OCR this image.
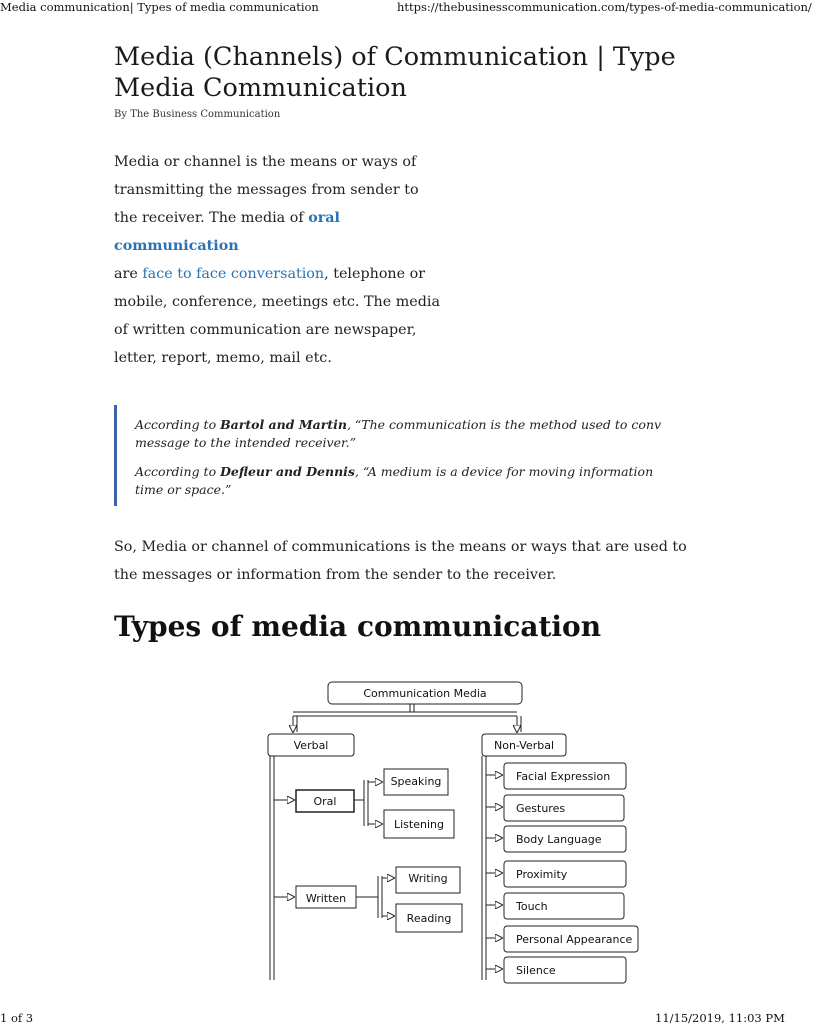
Media communication| Types of media communication	https://thebusinesscommunication.com/types-of-media-communication/
Media (Channels) of Communication | Type
Media Communication
By The Business Communication

Media or channel is the means or ways of transmitting the messages from sender to the receiver. The media of oral communication
are face to face conversation, telephone or mobile, conference, meetings etc. The media of written communication are newspaper, letter, report, memo, mail etc.

According to Bartol and Martin, “The communication is the method used to conv
message to the intended receiver.”

According to Defleur and Dennis, “A medium is a device for moving information
time or space.”

So, Media or channel of communications is the means or ways that are used to
the messages or information from the sender to the receiver.

Types of media communication
Communication Media
Verbal	Non-Verbal
Oral
Written
Speaking
Listening
Writing
Reading
Facial Expression
Gestures
Body Language
Proximity
Touch
Personal Appearance
Silence
1 of 3	11/15/2019, 11:03 PM
